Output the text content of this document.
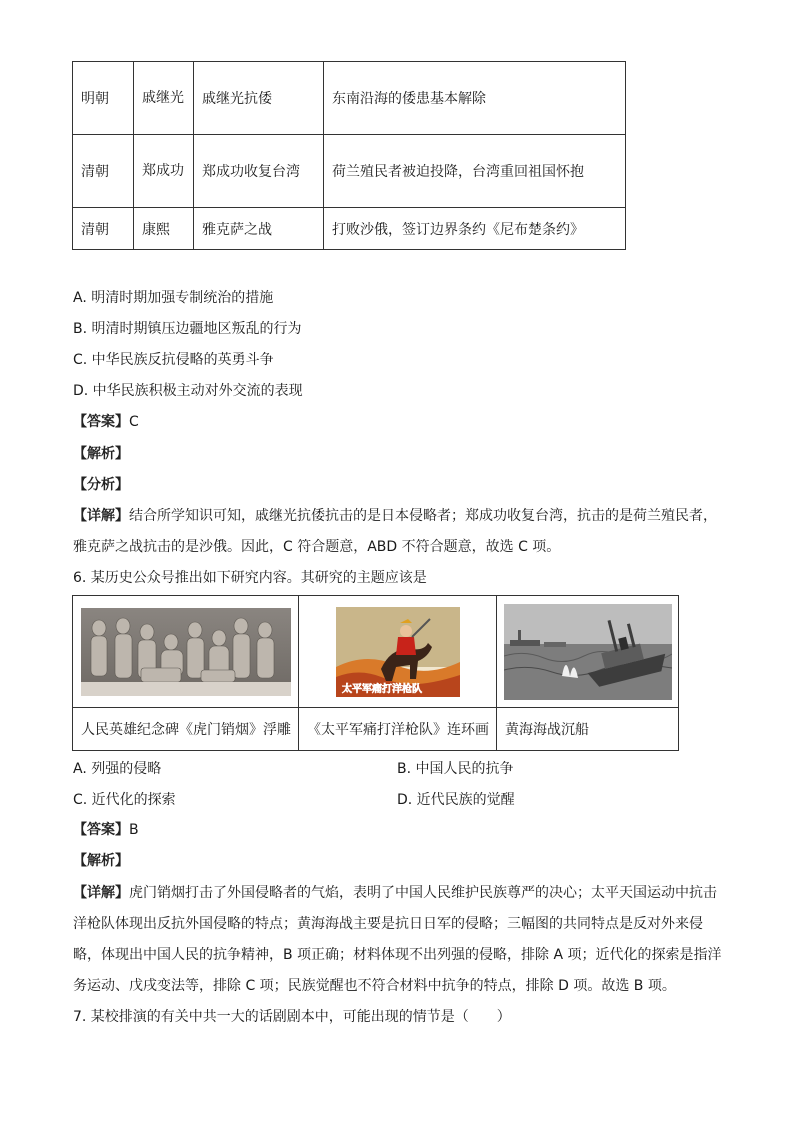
明朝	戚继光	戚继光抗倭	东南沿海的倭患基本解除
清朝	郑成功	郑成功收复台湾	荷兰殖民者被迫投降，台湾重回祖国怀抱
清朝	康熙	雅克萨之战	打败沙俄，签订边界条约《尼布楚条约》
A. 明清时期加强专制统治的措施
B. 明清时期镇压边疆地区叛乱的行为
C. 中华民族反抗侵略的英勇斗争
D. 中华民族积极主动对外交流的表现
【答案】C
【解析】
【分析】
【详解】结合所学知识可知，戚继光抗倭抗击的是日本侵略者；郑成功收复台湾，抗击的是荷兰殖民者，
雅克萨之战抗击的是沙俄。因此，C 符合题意，ABD 不符合题意，故选 C 项。
6. 某历史公众号推出如下研究内容。其研究的主题应该是

太平军痛打洋枪队

人民英雄纪念碑《虎门销烟》浮雕	《太平军痛打洋枪队》连环画	黄海海战沉船
A. 列强的侵略	B. 中国人民的抗争
C. 近代化的探索	D. 近代民族的觉醒
【答案】B
【解析】
【详解】虎门销烟打击了外国侵略者的气焰，表明了中国人民维护民族尊严的决心；太平天国运动中抗击
洋枪队体现出反抗外国侵略的特点；黄海海战主要是抗日日军的侵略；三幅图的共同特点是反对外来侵
略，体现出中国人民的抗争精神，B 项正确；材料体现不出列强的侵略，排除 A 项；近代化的探索是指洋
务运动、戊戌变法等，排除 C 项；民族觉醒也不符合材料中抗争的特点，排除 D 项。故选 B 项。
7. 某校排演的有关中共一大的话剧剧本中，可能出现的情节是（　　）
